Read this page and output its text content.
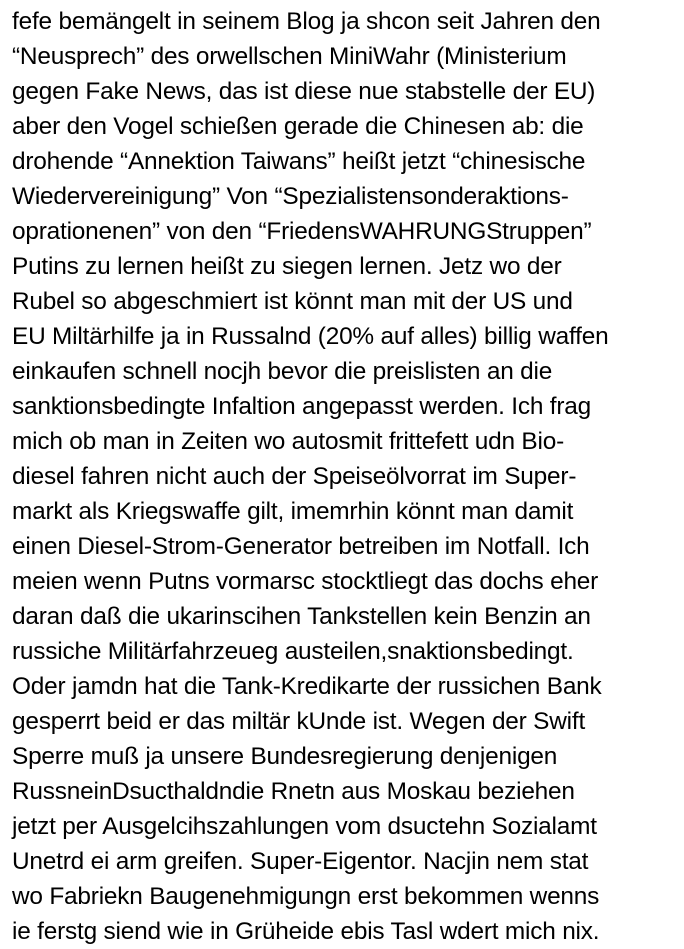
fefe bemängelt in seinem Blog ja shcon seit Jahren den
“Neusprech” des orwellschen MiniWahr (Ministerium
gegen Fake News, das ist diese nue stabstelle der EU)
aber den Vogel schießen gerade die Chinesen ab: die
drohende “Annektion Taiwans” heißt jetzt “chinesische
Wiedervereinigung” Von “Spezialistensonderaktions-
oprationenen” von den “FriedensWAHRUNGStruppen”
Putins zu lernen heißt zu siegen lernen. Jetz wo der
Rubel so abgeschmiert ist könnt man mit der US und
EU Miltärhilfe ja in Russalnd (20% auf alles) billig waffen
einkaufen schnell nocjh bevor die preislisten an die
sanktionsbedingte Infaltion angepasst werden. Ich frag
mich ob man in Zeiten wo autosmit frittefett udn Bio-
diesel fahren nicht auch der Speiseölvorrat im Super-
markt als Kriegswaffe gilt, imemrhin könnt man damit
einen Diesel-Strom-Generator betreiben im Notfall. Ich
meien wenn Putns vormarsc stocktliegt das dochs eher
daran daß die ukarinscihen Tankstellen kein Benzin an
russiche Militärfahrzeueg austeilen,snaktionsbedingt.
Oder jamdn hat die Tank-Kredikarte der russichen Bank
gesperrt beid er das miltär kUnde ist. Wegen der Swift
Sperre muß ja unsere Bundesregierung denjenigen
RussneinDsucthaldndie Rnetn aus Moskau beziehen
jetzt per Ausgelcihszahlungen vom dsuctehn Sozialamt
Unetrd ei arm greifen. Super-Eigentor. Nacjin nem stat
wo Fabriekn Baugenehmigungn erst bekommen wenns
ie ferstg siend wie in Grüheide ebis Tasl wdert mich nix.
